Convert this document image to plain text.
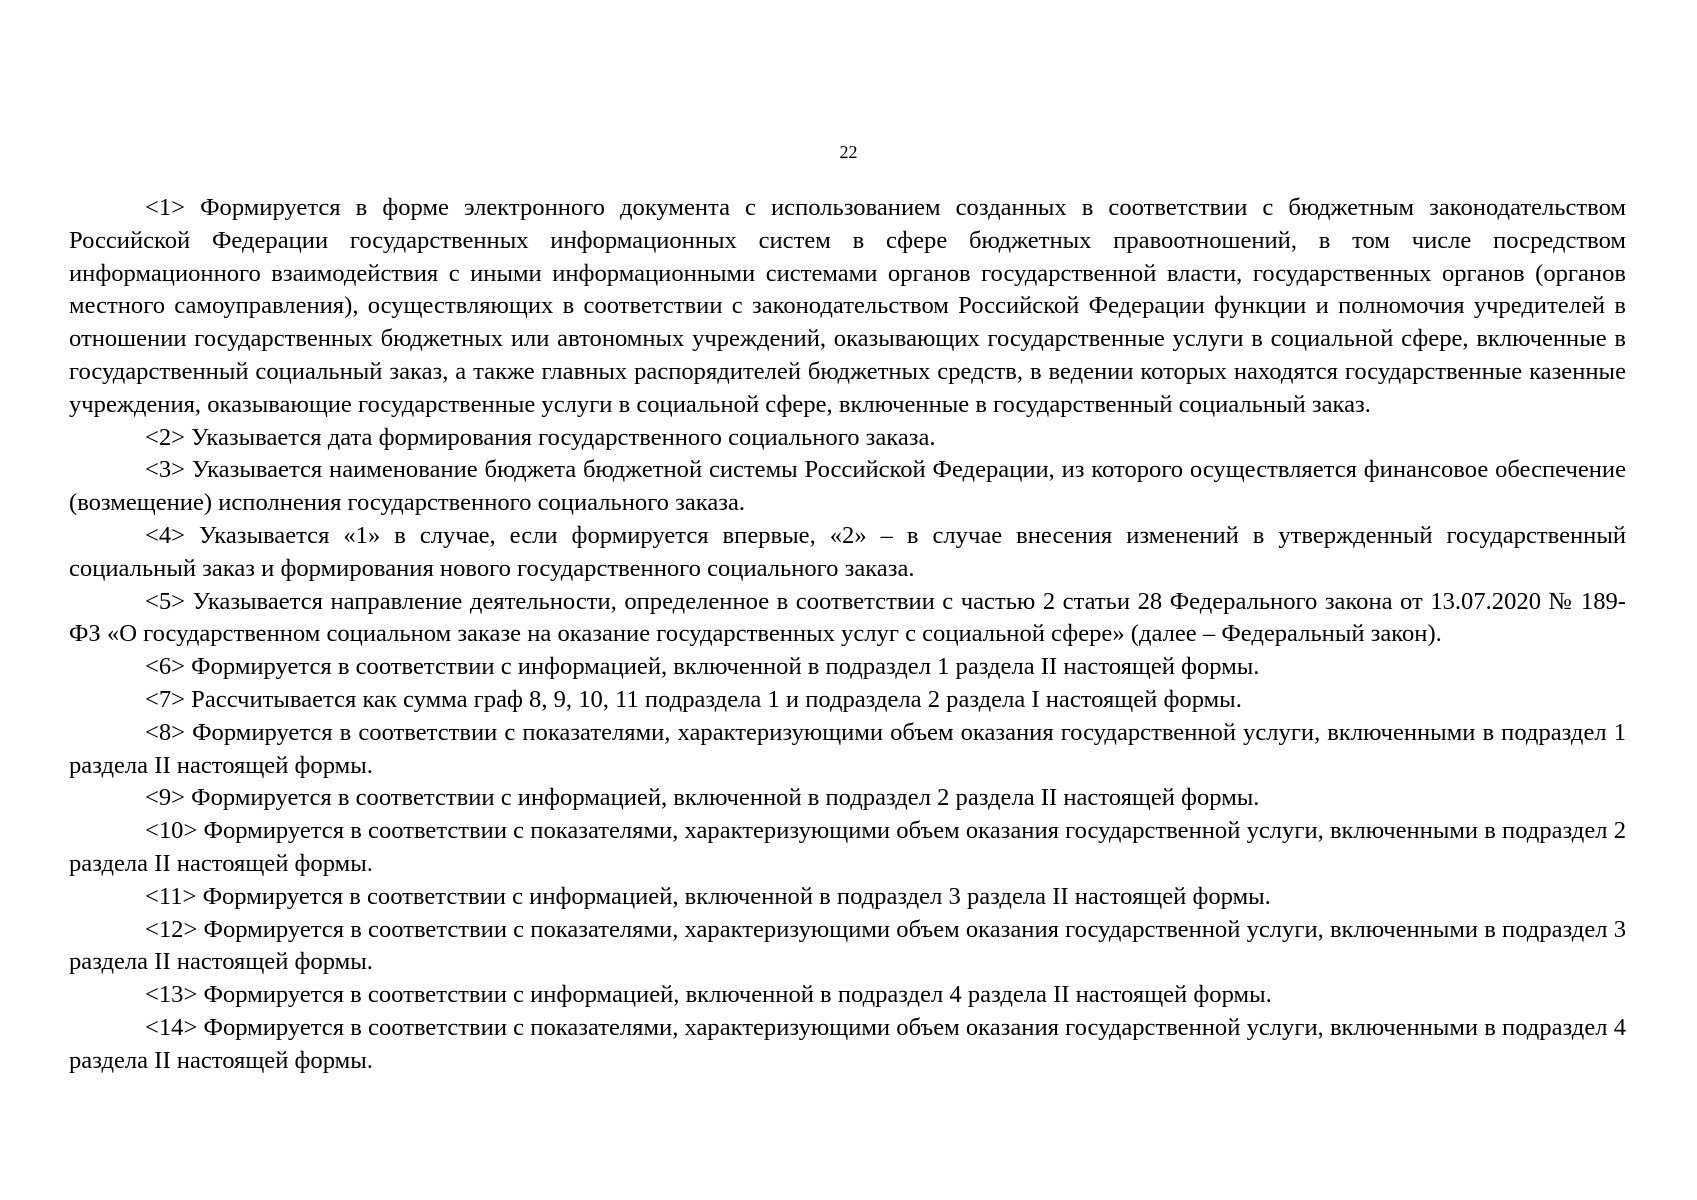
22

<1> Формируется в форме электронного документа с использованием созданных в соответствии с бюджетным законодательством Российской Федерации государственных информационных систем в сфере бюджетных правоотношений, в том числе посредством информационного взаимодействия с иными информационными системами органов государственной власти, государственных органов (органов местного самоуправления), осуществляющих в соответствии с законодательством Российской Федерации функции и полномочия учредителей в отношении государственных бюджетных или автономных учреждений, оказывающих государственные услуги в социальной сфере, включенные в государственный социальный заказ, а также главных распорядителей бюджетных средств, в ведении которых находятся государственные казенные учреждения, оказывающие государственные услуги в социальной сфере, включенные в государственный социальный заказ.

<2> Указывается дата формирования государственного социального заказа.

<3> Указывается наименование бюджета бюджетной системы Российской Федерации, из которого осуществляется финансовое обеспечение (возмещение) исполнения государственного социального заказа.

<4> Указывается «1» в случае, если формируется впервые, «2» – в случае внесения изменений в утвержденный государственный социальный заказ и формирования нового государственного социального заказа.

<5> Указывается направление деятельности, определенное в соответствии с частью 2 статьи 28 Федерального закона от 13.07.2020 № 189-ФЗ «О государственном социальном заказе на оказание государственных услуг с социальной сфере» (далее – Федеральный закон).

<6> Формируется в соответствии с информацией, включенной в подраздел 1 раздела II настоящей формы.

<7> Рассчитывается как сумма граф 8, 9, 10, 11 подраздела 1 и подраздела 2 раздела I настоящей формы.

<8> Формируется в соответствии с показателями, характеризующими объем оказания государственной услуги, включенными в подраздел 1 раздела II настоящей формы.

<9> Формируется в соответствии с информацией, включенной в подраздел 2 раздела II настоящей формы.

<10> Формируется в соответствии с показателями, характеризующими объем оказания государственной услуги, включенными в подраздел 2 раздела II настоящей формы.

<11> Формируется в соответствии с информацией, включенной в подраздел 3 раздела II настоящей формы.

<12> Формируется в соответствии с показателями, характеризующими объем оказания государственной услуги, включенными в подраздел 3 раздела II настоящей формы.

<13> Формируется в соответствии с информацией, включенной в подраздел 4 раздела II настоящей формы.

<14> Формируется в соответствии с показателями, характеризующими объем оказания государственной услуги, включенными в подраздел 4 раздела II настоящей формы.
